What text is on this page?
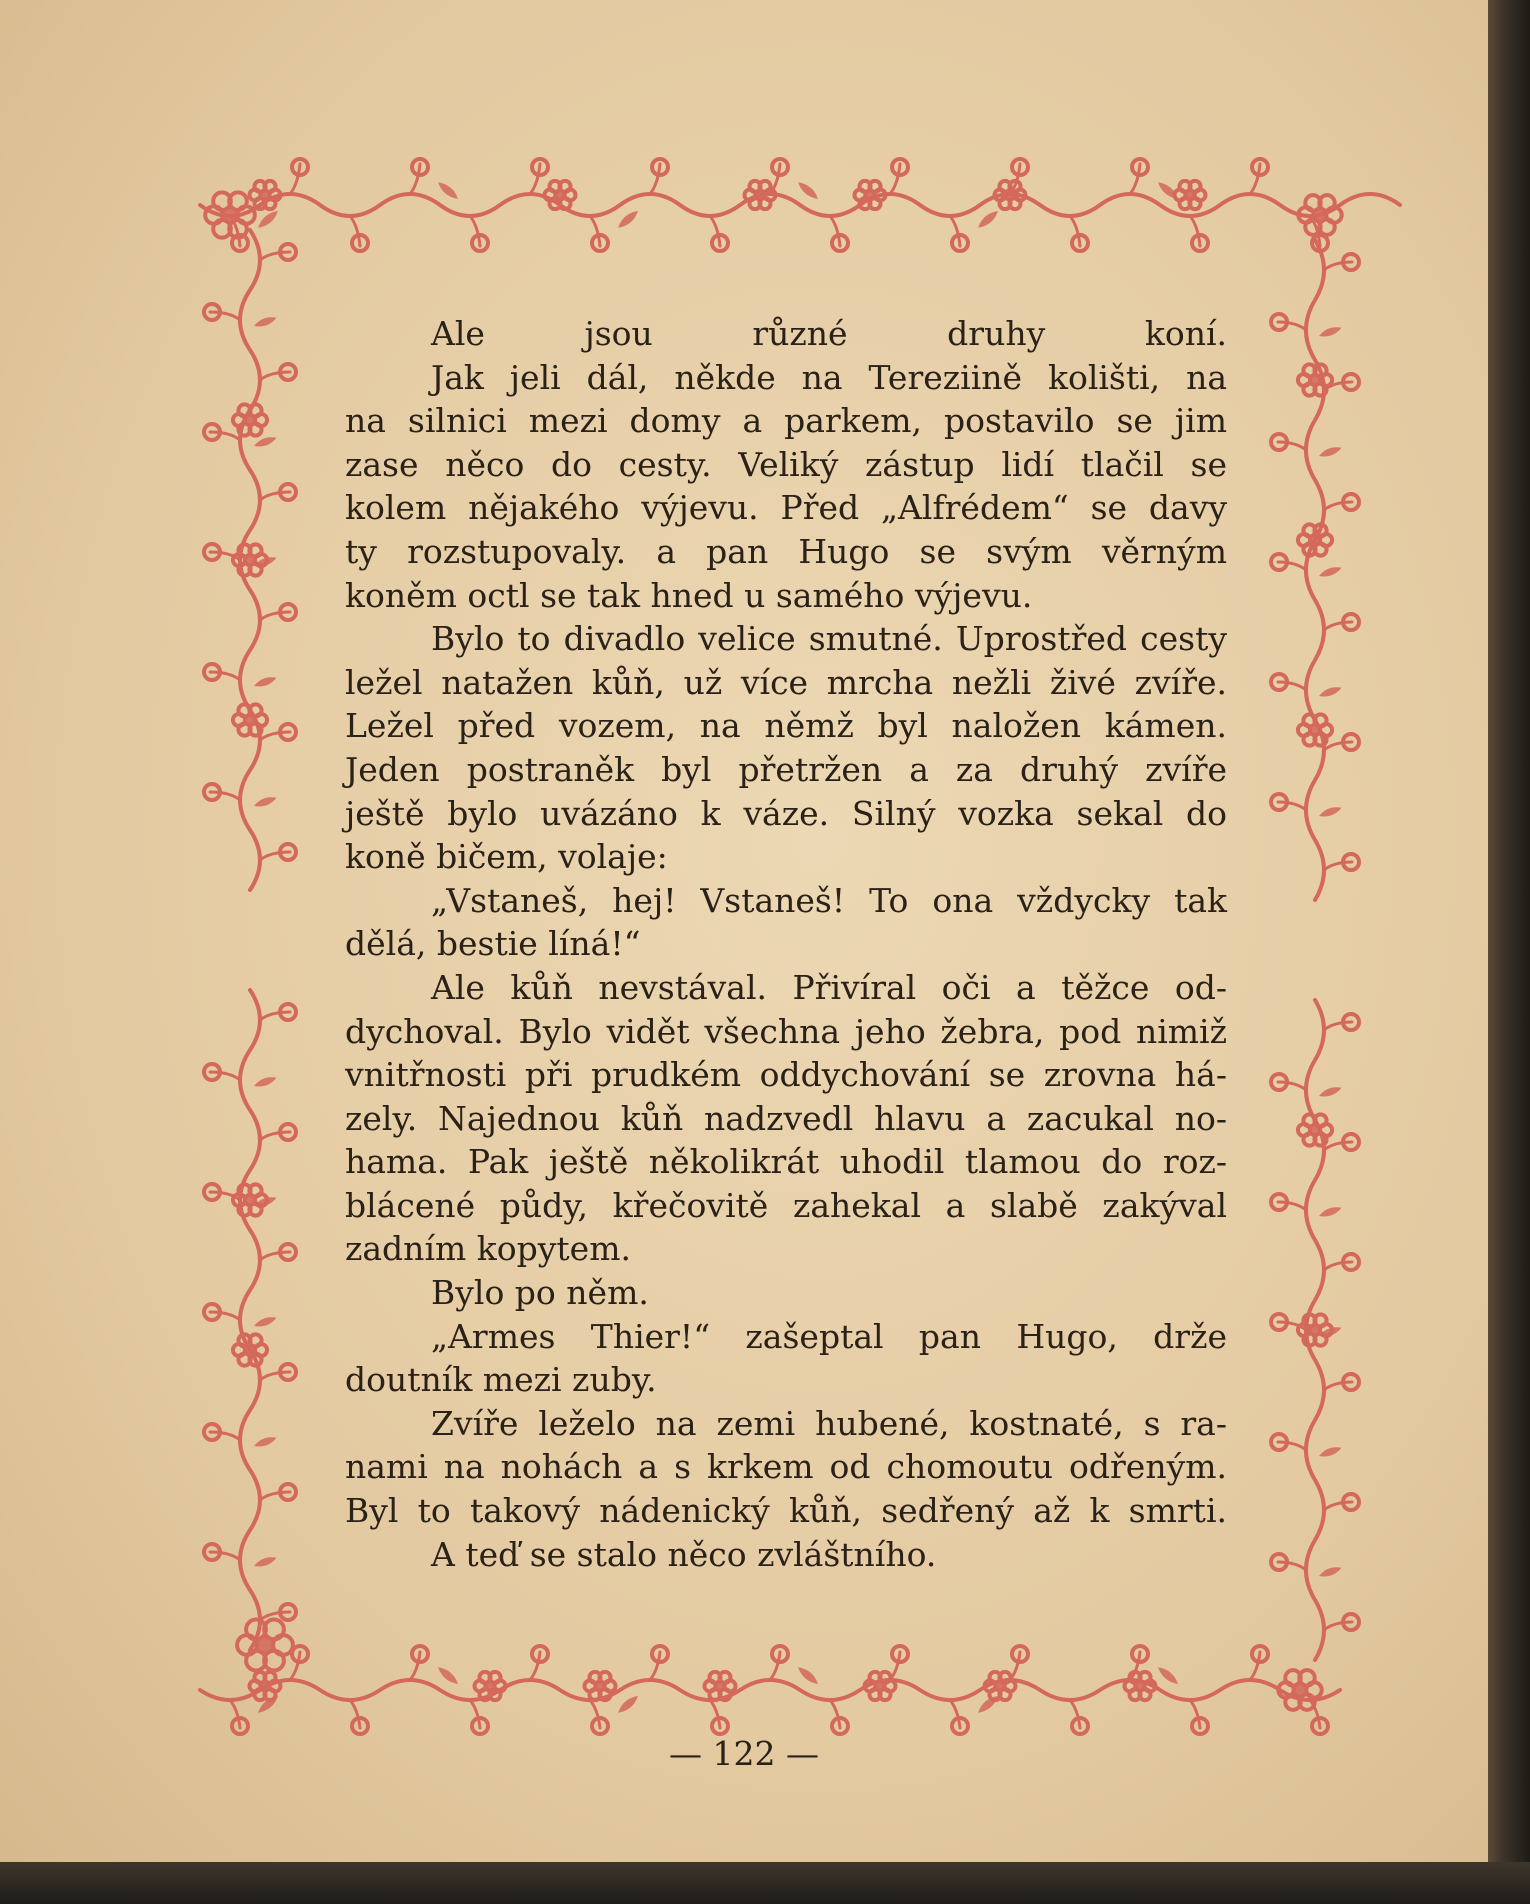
Ale jsou různé druhy koní.
Jak jeli dál, někde na Tereziině kolišti, na
na silnici mezi domy a parkem, postavilo se jim
zase něco do cesty. Veliký zástup lidí tlačil se
kolem nějakého výjevu. Před „Alfrédem“ se davy
ty rozstupovaly. a pan Hugo se svým věrným
koněm octl se tak hned u samého výjevu.
Bylo to divadlo velice smutné. Uprostřed cesty
ležel natažen kůň, už více mrcha nežli živé zvíře.
Ležel před vozem, na němž byl naložen kámen.
Jeden postraněk byl přetržen a za druhý zvíře
ještě bylo uvázáno k váze. Silný vozka sekal do
koně bičem, volaje:
„Vstaneš, hej! Vstaneš! To ona vždycky tak
dělá, bestie líná!“
Ale kůň nevstával. Přivíral oči a těžce od-
dychoval. Bylo vidět všechna jeho žebra, pod nimiž
vnitřnosti při prudkém oddychování se zrovna há-
zely. Najednou kůň nadzvedl hlavu a zacukal no-
hama. Pak ještě několikrát uhodil tlamou do roz-
blácené půdy, křečovitě zahekal a slabě zakýval
zadním kopytem.
Bylo po něm.
„Armes Thier!“ zašeptal pan Hugo, drže
doutník mezi zuby.
Zvíře leželo na zemi hubené, kostnaté, s ra-
nami na nohách a s krkem od chomoutu odřeným.
Byl to takový nádenický kůň, sedřený až k smrti.
A teď se stalo něco zvláštního.
— 122 —
